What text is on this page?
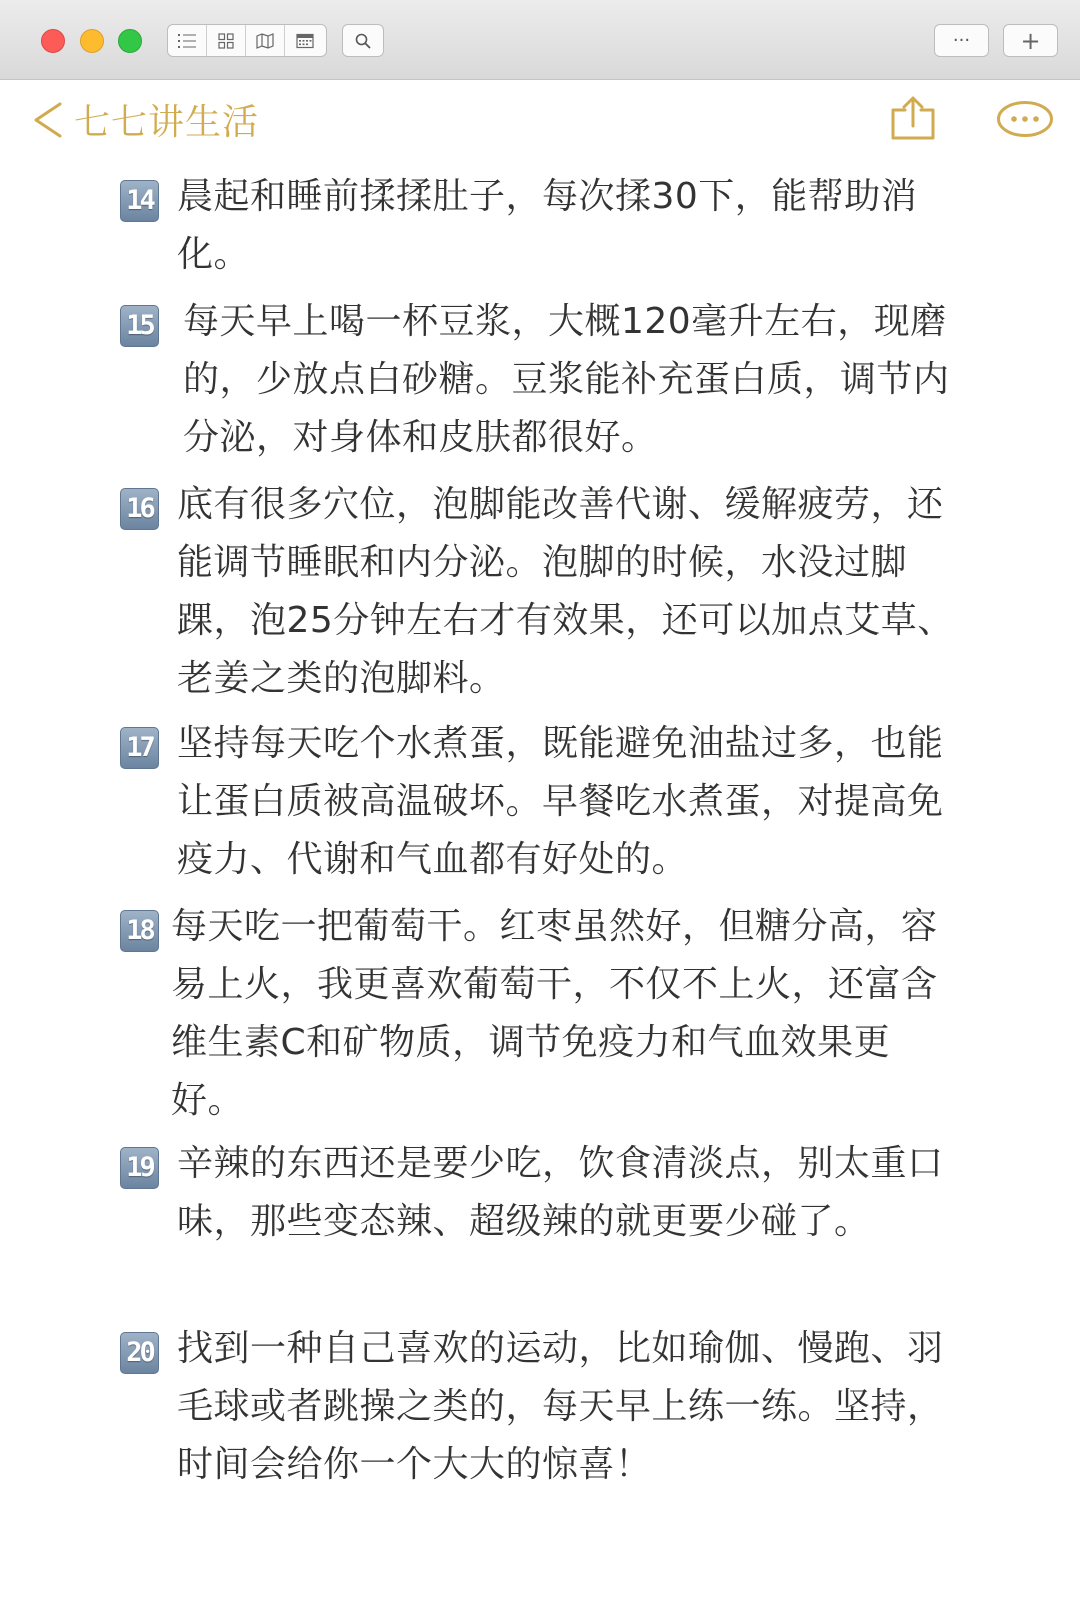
··· +
七七讲生活
14 晨起和睡前揉揉肚子，每次揉30下，能帮助消化。
15 每天早上喝一杯豆浆，大概120毫升左右，现磨的，少放点白砂糖。豆浆能补充蛋白质，调节内分泌，对身体和皮肤都很好。
16 底有很多穴位，泡脚能改善代谢、缓解疲劳，还能调节睡眠和内分泌。泡脚的时候，水没过脚踝，泡25分钟左右才有效果，还可以加点艾草、老姜之类的泡脚料。
17 坚持每天吃个水煮蛋，既能避免油盐过多，也能让蛋白质被高温破坏。早餐吃水煮蛋，对提高免疫力、代谢和气血都有好处的。
18 每天吃一把葡萄干。红枣虽然好，但糖分高，容易上火，我更喜欢葡萄干，不仅不上火，还富含维生素C和矿物质，调节免疫力和气血效果更好。
19 辛辣的东西还是要少吃，饮食清淡点，别太重口味，那些变态辣、超级辣的就更要少碰了。
20 找到一种自己喜欢的运动，比如瑜伽、慢跑、羽毛球或者跳操之类的，每天早上练一练。坚持，时间会给你一个大大的惊喜！
